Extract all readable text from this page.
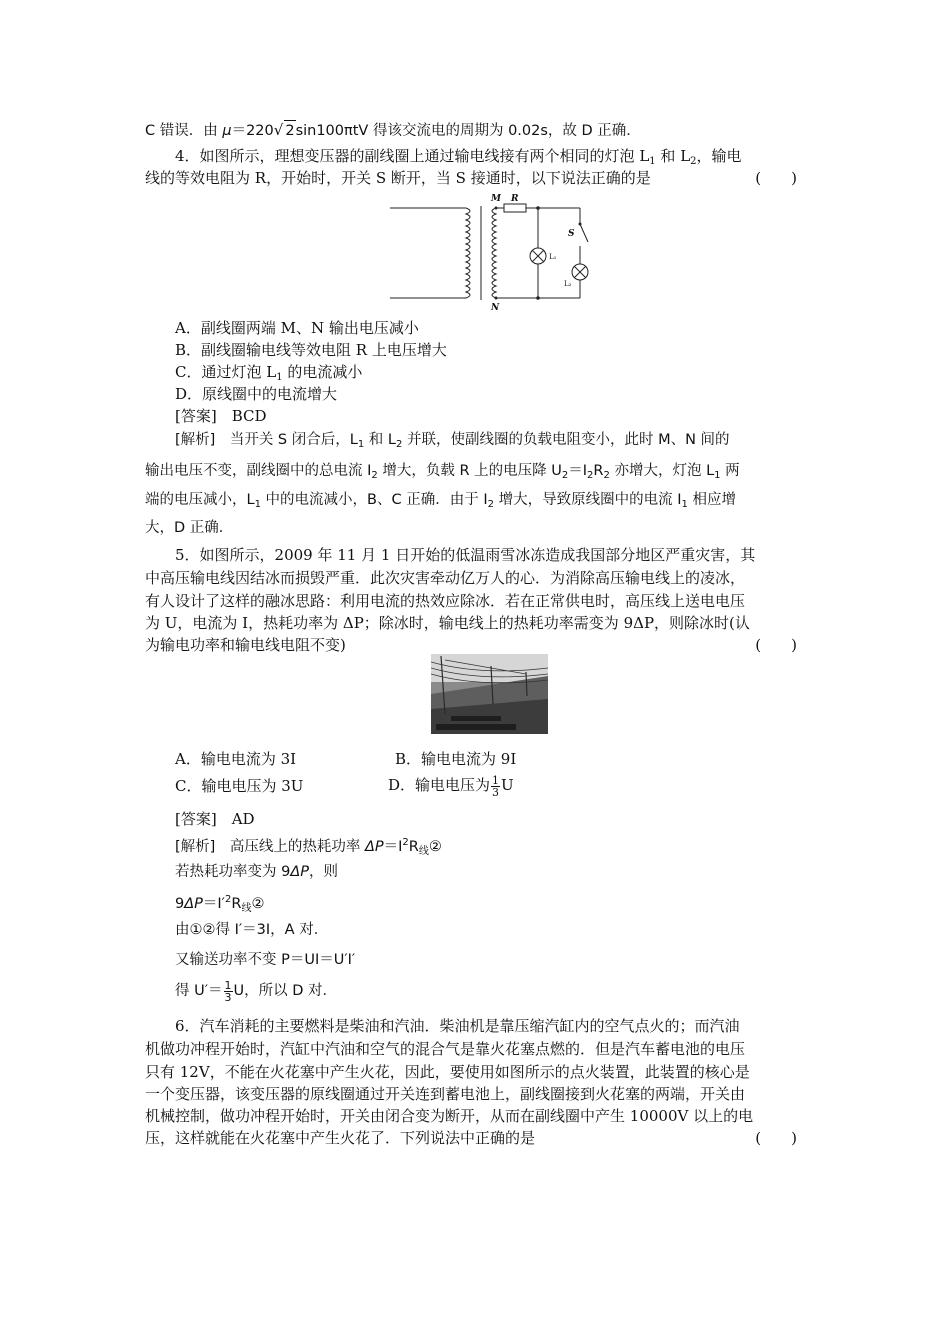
C 错误．由 μ＝220√ 2sin100πtV 得该交流电的周期为 0.02s，故 D 正确．
4．如图所示，理想变压器的副线圈上通过输电线接有两个相同的灯泡 $L_1$ 和 $L_2$，输电
线的等效电阻为 R，开始时，开关 S 断开，当 S 接通时，以下说法正确的是	(　　)
M R
N
S
L₁
L₂
A．副线圈两端 M、N 输出电压减小
B．副线圈输电线等效电阻 R 上电压增大
C．通过灯泡 $L_1$ 的电流减小
D．原线圈中的电流增大
[答案]　BCD
[解析]　当开关 S 闭合后，$L_1$ 和 $L_2$ 并联，使副线圈的负载电阻变小，此时 M、N 间的
输出电压不变，副线圈中的总电流 $I_2$ 增大，负载 R 上的电压降 $U_2=I_2R_2$ 亦增大，灯泡 $L_1$ 两
端的电压减小，$L_1$ 中的电流减小，B、C 正确．由于 $I_2$ 增大，导致原线圈中的电流 $I_1$ 相应增
大，D 正确．
5．如图所示，2009 年 11 月 1 日开始的低温雨雪冰冻造成我国部分地区严重灾害，其
中高压输电线因结冰而损毁严重．此次灾害牵动亿万人的心．为消除高压输电线上的凌冰，
有人设计了这样的融冰思路：利用电流的热效应除冰．若在正常供电时，高压线上送电电压
为 U，电流为 I，热耗功率为 ΔP；除冰时，输电线上的热耗功率需变为 9ΔP，则除冰时(认
为输电功率和输电线电阻不变)	(　　)
A．输电电流为 3I	B．输电电流为 9I
C．输电电压为 3U	D．输电电压为 $\frac{1}{3}$ U
[答案]　AD
[解析]　高压线上的热耗功率 $\Delta P=I^2R_线②$
若热耗功率变为 9ΔP，则
$9\Delta P=I'^2R_线②$
由①②得 I′＝3I，A 对．
又输送功率不变 P＝UI＝U′I′
得 $U'= \frac{1}{3}$ U，所以 D 对．
6．汽车消耗的主要燃料是柴油和汽油．柴油机是靠压缩汽缸内的空气点火的；而汽油
机做功冲程开始时，汽缸中汽油和空气的混合气是靠火花塞点燃的．但是汽车蓄电池的电压
只有 12V，不能在火花塞中产生火花，因此，要使用如图所示的点火装置，此装置的核心是
一个变压器，该变压器的原线圈通过开关连到蓄电池上，副线圈接到火花塞的两端，开关由
机械控制，做功冲程开始时，开关由闭合变为断开，从而在副线圈中产生 10000V 以上的电
压，这样就能在火花塞中产生火花了．下列说法中正确的是	(　　)
